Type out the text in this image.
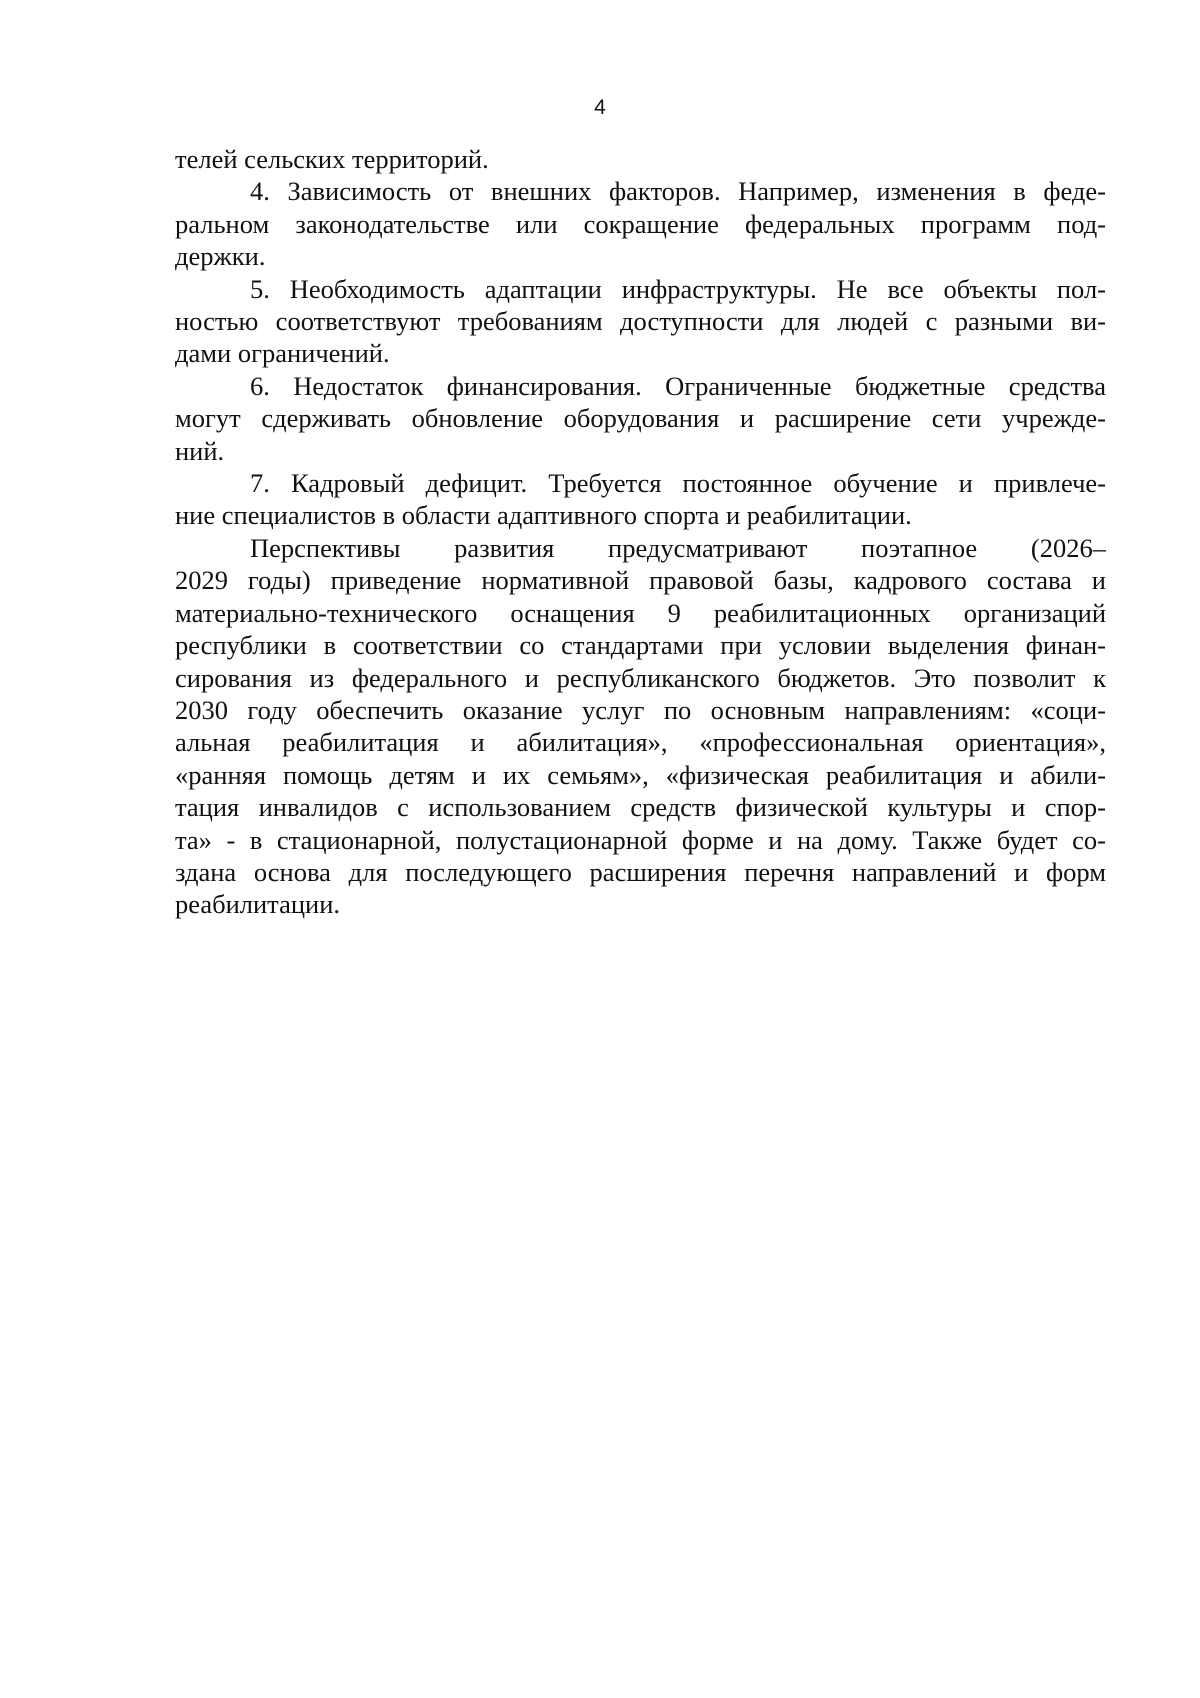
4
телей сельских территорий.
4. Зависимость от внешних факторов. Например, изменения в феде-
ральном законодательстве или сокращение федеральных программ под-
держки.
5. Необходимость адаптации инфраструктуры. Не все объекты пол-
ностью соответствуют требованиям доступности для людей с разными ви-
дами ограничений.
6. Недостаток финансирования. Ограниченные бюджетные средства
могут сдерживать обновление оборудования и расширение сети учрежде-
ний.
7. Кадровый дефицит. Требуется постоянное обучение и привлече-
ние специалистов в области адаптивного спорта и реабилитации.
Перспективы развития предусматривают поэтапное (2026–
2029 годы) приведение нормативной правовой базы, кадрового состава и
материально-технического оснащения 9 реабилитационных организаций
республики в соответствии со стандартами при условии выделения финан-
сирования из федерального и республиканского бюджетов. Это позволит к
2030 году обеспечить оказание услуг по основным направлениям: «соци-
альная реабилитация и абилитация», «профессиональная ориентация»,
«ранняя помощь детям и их семьям», «физическая реабилитация и абили-
тация инвалидов с использованием средств физической культуры и спор-
та» - в стационарной, полустационарной форме и на дому. Также будет со-
здана основа для последующего расширения перечня направлений и форм
реабилитации.
